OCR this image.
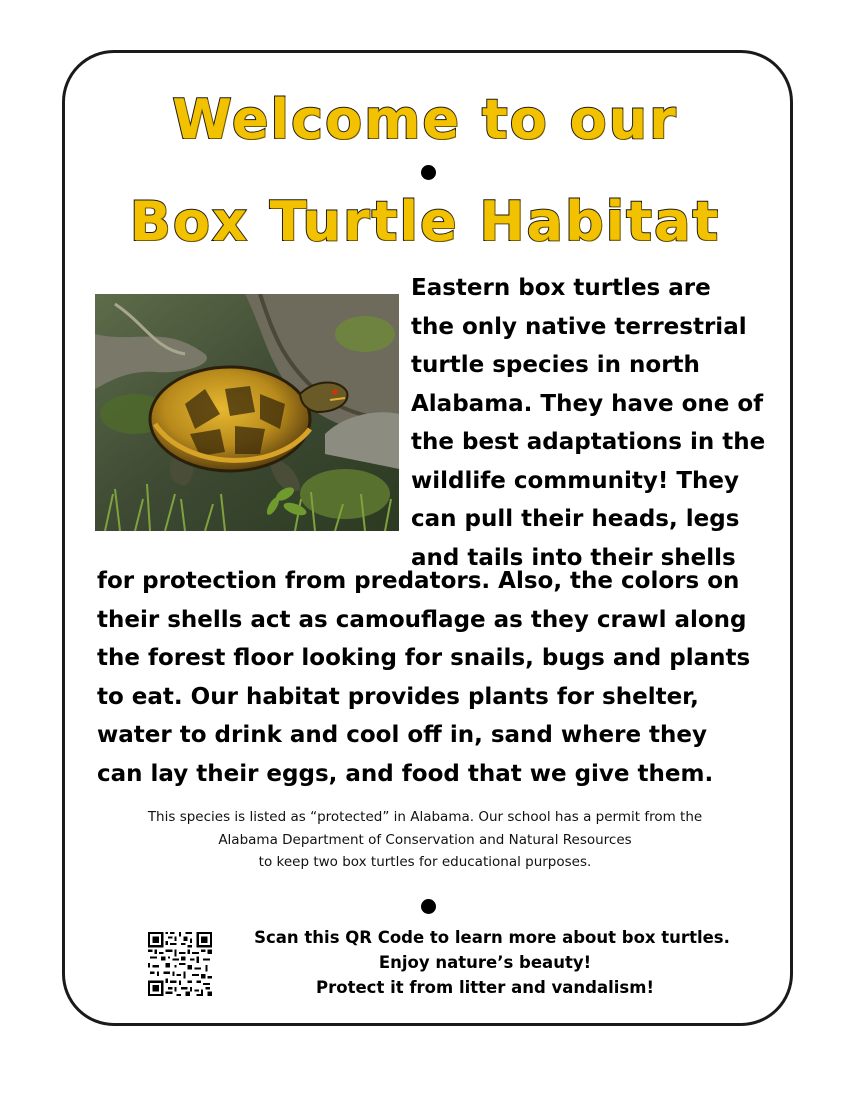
Welcome to our
Box Turtle Habitat
Eastern box turtles are
the only native terrestrial
turtle species in north
Alabama. They have one of
the best adaptations in the
wildlife community! They
can pull their heads, legs
and tails into their shells
for protection from predators. Also, the colors on
their shells act as camouflage as they crawl along
the forest floor looking for snails, bugs and plants
to eat. Our habitat provides plants for shelter,
water to drink and cool off in, sand where they
can lay their eggs, and food that we give them.
This species is listed as “protected” in Alabama. Our school has a permit from the
Alabama Department of Conservation and Natural Resources
to keep two box turtles for educational purposes.
Scan this QR Code to learn more about box turtles.
Enjoy nature’s beauty!
Protect it from litter and vandalism!
